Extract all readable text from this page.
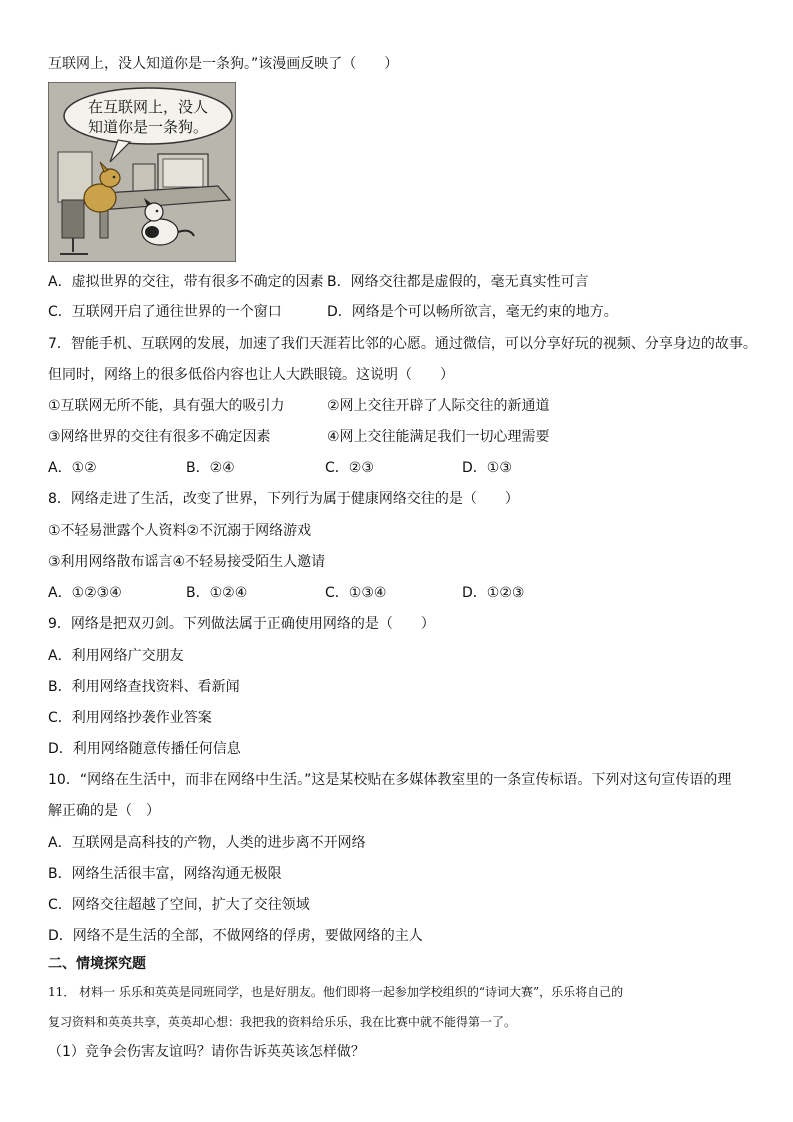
互联网上，没人知道你是一条狗。”该漫画反映了（　　）
在互联网上，没人
知道你是一条狗。
A．虚拟世界的交往，带有很多不确定的因素 B．网络交往都是虚假的，毫无真实性可言
C．互联网开启了通往世界的一个窗口	D．网络是个可以畅所欲言，毫无约束的地方。
7．智能手机、互联网的发展，加速了我们天涯若比邻的心愿。通过微信，可以分享好玩的视频、分享身边的故事。
但同时，网络上的很多低俗内容也让人大跌眼镜。这说明（　　）
①互联网无所不能，具有强大的吸引力	②网上交往开辟了人际交往的新通道
③网络世界的交往有很多不确定因素	④网上交往能满足我们一切心理需要
A．①②	B．②④	C．②③	D．①③
8．网络走进了生活，改变了世界，下列行为属于健康网络交往的是（　　）
①不轻易泄露个人资料②不沉溺于网络游戏
③利用网络散布谣言④不轻易接受陌生人邀请
A．①②③④	B．①②④	C．①③④	D．①②③
9．网络是把双刃剑。下列做法属于正确使用网络的是（　　）
A．利用网络广交朋友
B．利用网络查找资料、看新闻
C．利用网络抄袭作业答案
D．利用网络随意传播任何信息
10．“网络在生活中，而非在网络中生活。”这是某校贴在多媒体教室里的一条宣传标语。下列对这句宣传语的理
解正确的是（　）
A．互联网是高科技的产物，人类的进步离不开网络
B．网络生活很丰富，网络沟通无极限
C．网络交往超越了空间，扩大了交往领域
D．网络不是生活的全部，不做网络的俘虏，要做网络的主人
二、情境探究题
11． 材料一 乐乐和英英是同班同学，也是好朋友。他们即将一起参加学校组织的“诗词大赛”，乐乐将自己的
复习资料和英英共享，英英却心想：我把我的资料给乐乐，我在比赛中就不能得第一了。
（1）竞争会伤害友谊吗？请你告诉英英该怎样做？
